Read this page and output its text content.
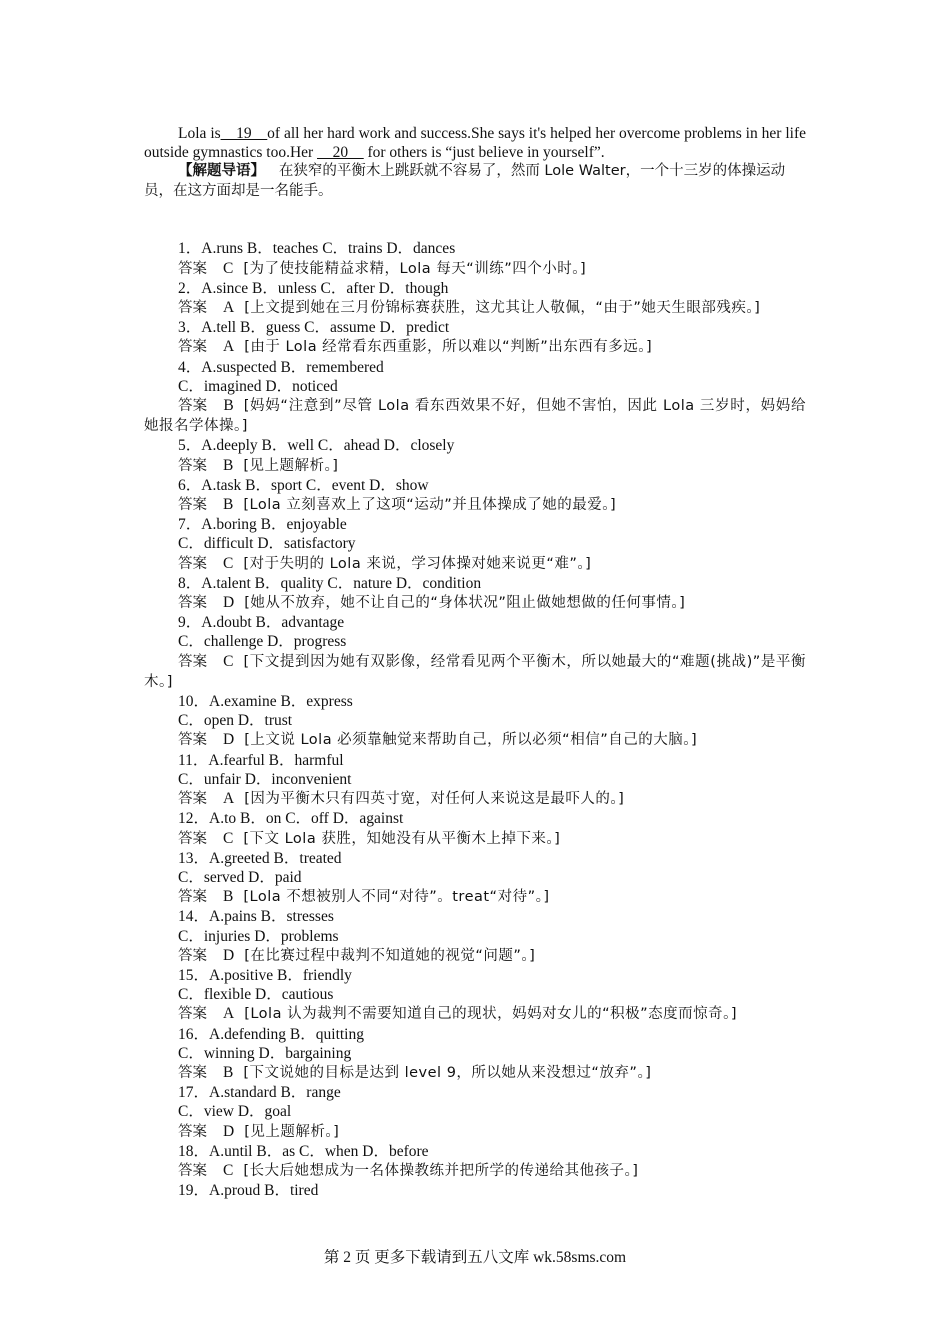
Lola is__19__of all her hard work and success.She says it's helped her overcome problems in her life outside gymnastics too.Her __20__ for others is “just believe in yourself”.

【解题导语】 在狭窄的平衡木上跳跃就不容易了，然而 Lole Walter，一个十三岁的体操运动员，在这方面却是一名能手。

1．A.runs B．teaches C．trains D．dances

答案 C [为了使技能精益求精，Lola 每天“训练”四个小时。]

2．A.since B．unless C．after D．though

答案 A [上文提到她在三月份锦标赛获胜，这尤其让人敬佩，“由于”她天生眼部残疾。]

3．A.tell B．guess C．assume D．predict

答案 A [由于 Lola 经常看东西重影，所以难以“判断”出东西有多远。]

4．A.suspected B．remembered

C．imagined D．noticed

答案 B [妈妈“注意到”尽管 Lola 看东西效果不好，但她不害怕，因此 Lola 三岁时，妈妈给她报名学体操。]

5．A.deeply B．well C．ahead D．closely

答案 B [见上题解析。]

6．A.task B．sport C．event D．show

答案 B [Lola 立刻喜欢上了这项“运动”并且体操成了她的最爱。]

7．A.boring B．enjoyable

C．difficult D．satisfactory

答案 C [对于失明的 Lola 来说，学习体操对她来说更“难”。]

8．A.talent B．quality C．nature D．condition

答案 D [她从不放弃，她不让自己的“身体状况”阻止做她想做的任何事情。]

9．A.doubt B．advantage

C．challenge D．progress

答案 C [下文提到因为她有双影像，经常看见两个平衡木，所以她最大的“难题(挑战)”是平衡木。]

10．A.examine B．express

C．open D．trust

答案 D [上文说 Lola 必须靠触觉来帮助自己，所以必须“相信”自己的大脑。]

11．A.fearful B．harmful

C．unfair D．inconvenient

答案 A [因为平衡木只有四英寸宽，对任何人来说这是最吓人的。]

12．A.to B．on C．off D．against

答案 C [下文 Lola 获胜，知她没有从平衡木上掉下来。]

13．A.greeted B．treated

C．served D．paid

答案 B [Lola 不想被别人不同“对待”。treat“对待”。]

14．A.pains B．stresses

C．injuries D．problems

答案 D [在比赛过程中裁判不知道她的视觉“问题”。]

15．A.positive B．friendly

C．flexible D．cautious

答案 A [Lola 认为裁判不需要知道自己的现状，妈妈对女儿的“积极”态度而惊奇。]

16．A.defending B．quitting

C．winning D．bargaining

答案 B [下文说她的目标是达到 level 9，所以她从来没想过“放弃”。]

17．A.standard B．range

C．view D．goal

答案 D [见上题解析。]

18．A.until B．as C．when D．before

答案 C [长大后她想成为一名体操教练并把所学的传递给其他孩子。]

19．A.proud B．tired

第 2 页 更多下载请到五八文库 wk.58sms.com
